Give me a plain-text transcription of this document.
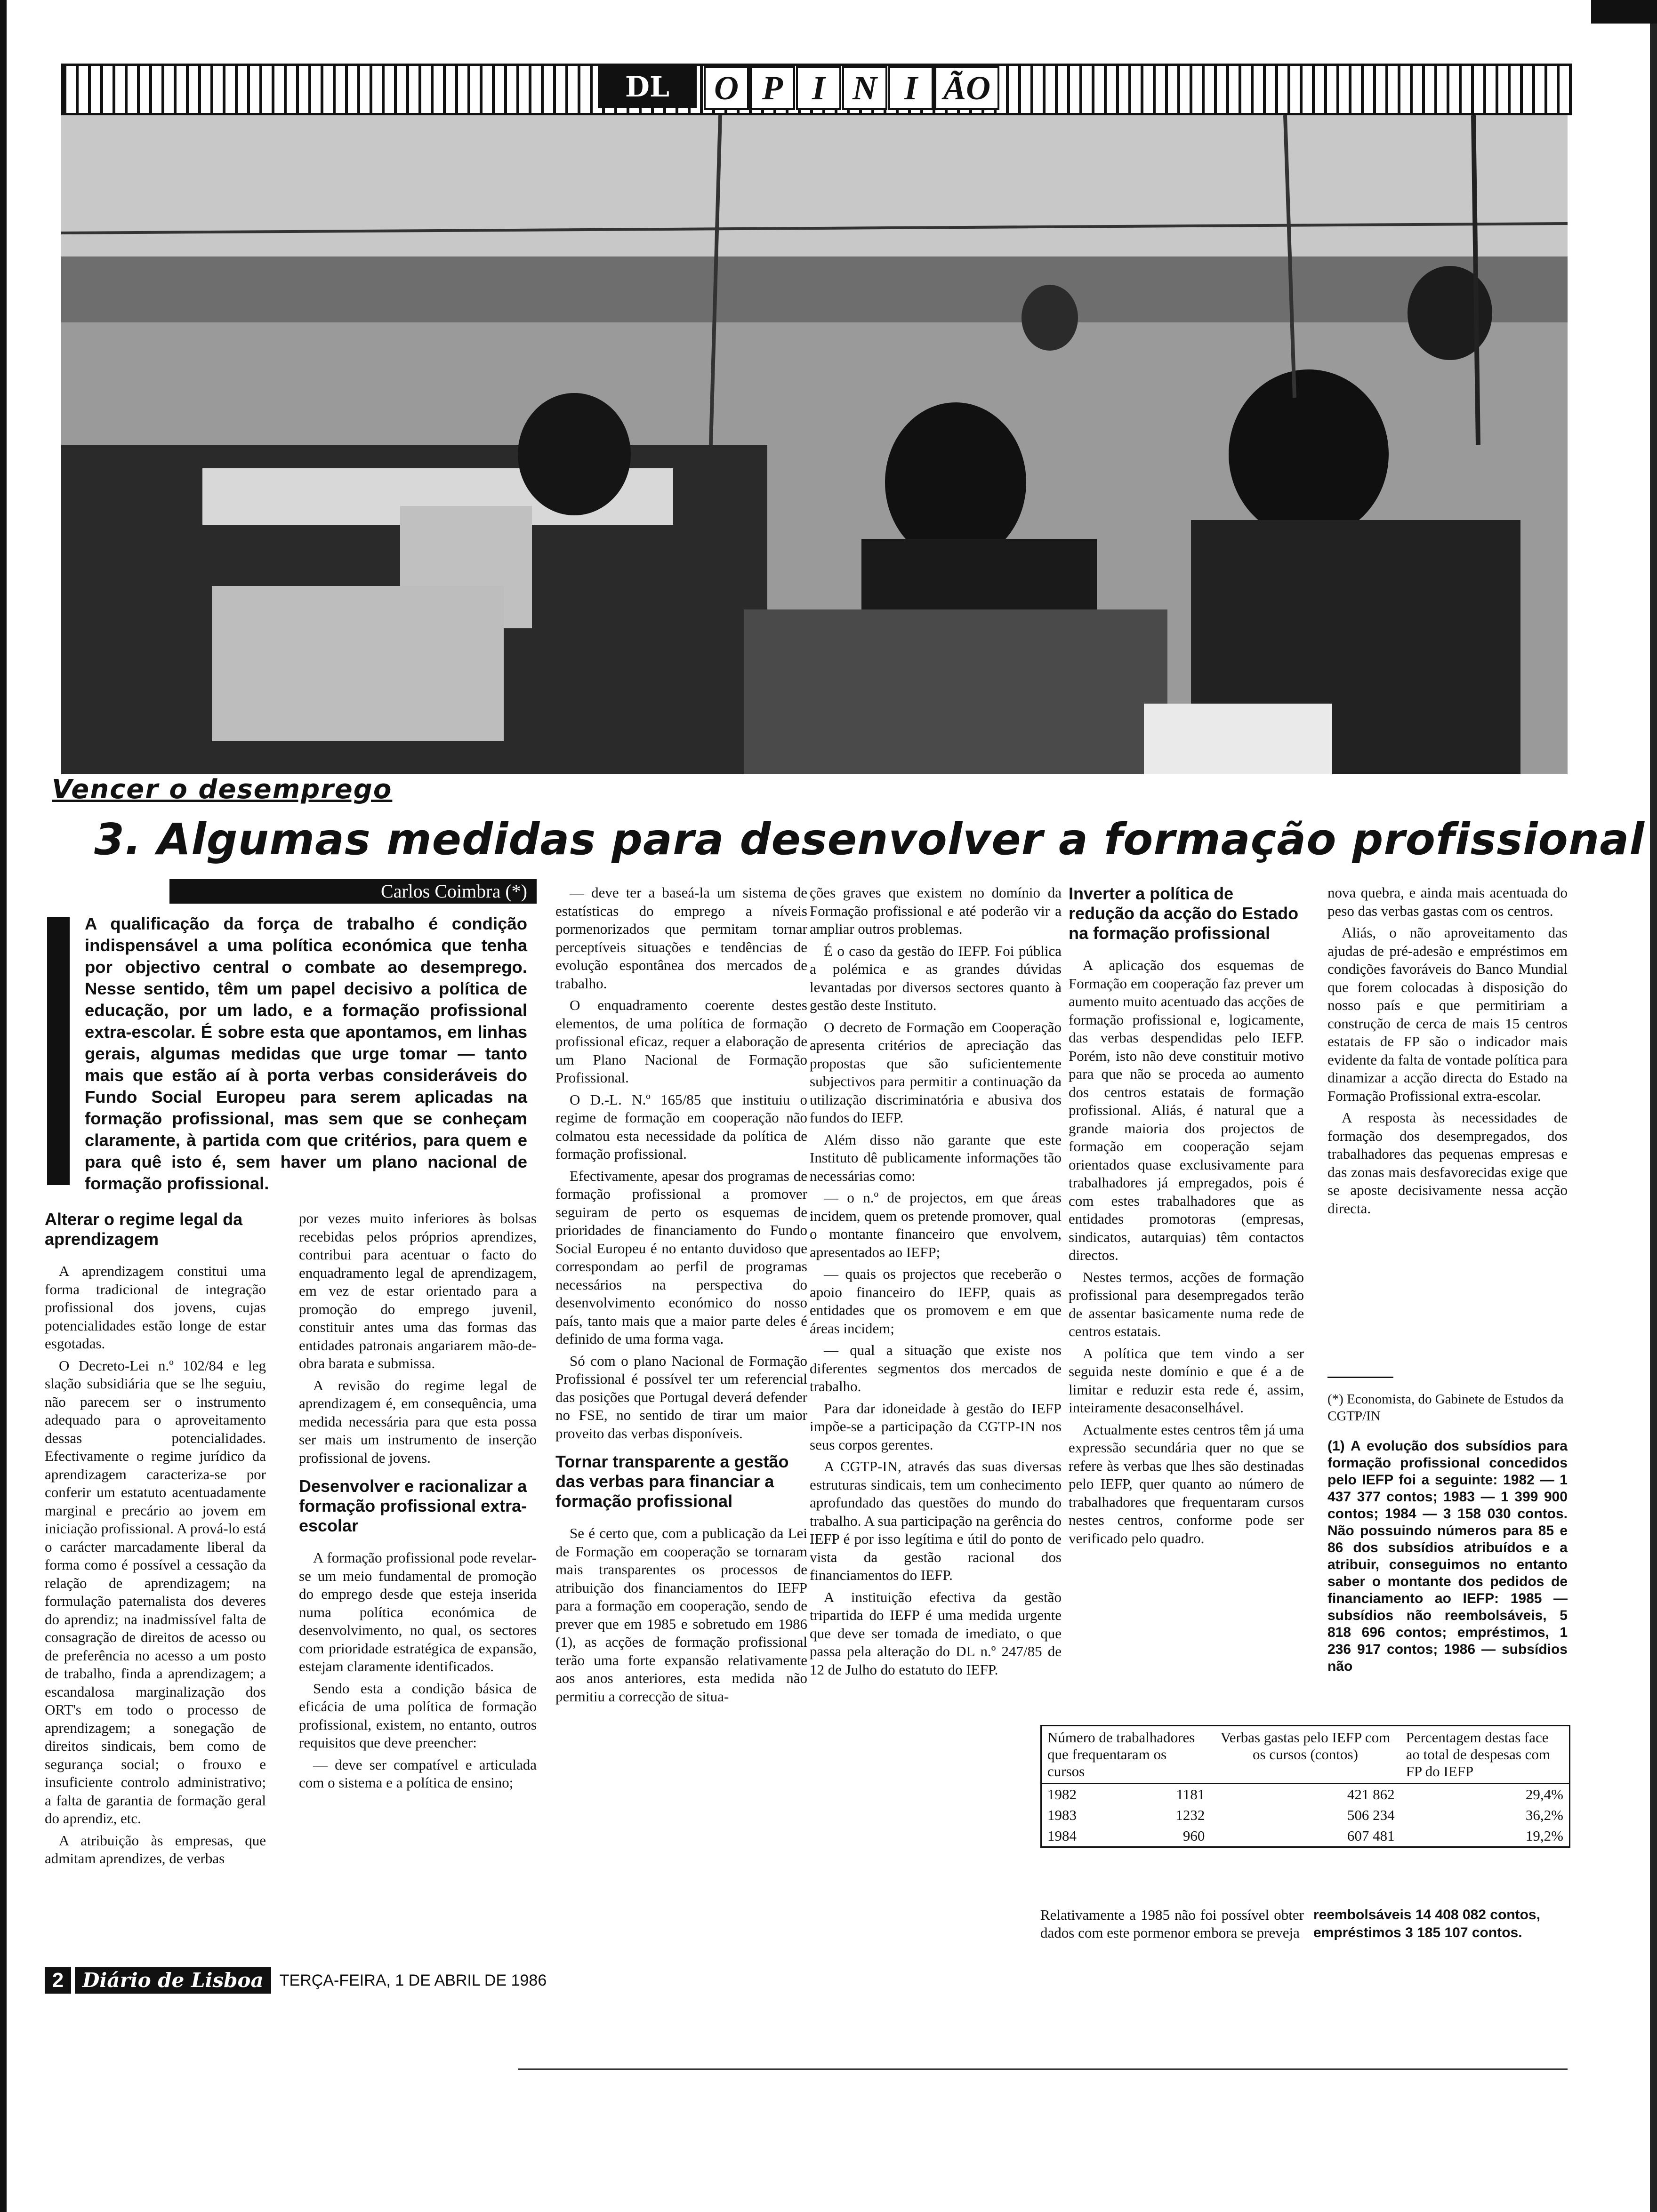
DL	O P I N I ÃO
Vencer o desemprego
3. Algumas medidas para desenvolver a formação profissional
Carlos Coimbra (*)
A qualificação da força de trabalho é condição indispensável a uma política económica que tenha por objectivo central o combate ao desemprego. Nesse sentido, têm um papel decisivo a política de educação, por um lado, e a formação profissional extra-escolar. É sobre esta que apontamos, em linhas gerais, algumas medidas que urge tomar — tanto mais que estão aí à porta verbas consideráveis do Fundo Social Europeu para serem aplicadas na formação profissional, mas sem que se conheçam claramente, à partida com que critérios, para quem e para quê isto é, sem haver um plano nacional de formação profissional.
Alterar o regime legal da aprendizagem

A aprendizagem constitui uma forma tradicional de integração profissional dos jovens, cujas potencialidades estão longe de estar esgotadas.

O Decreto-Lei n.º 102/84 e leg slação subsidiária que se lhe seguiu, não parecem ser o instrumento adequado para o aproveitamento dessas potencialidades. Efectivamente o regime jurídico da aprendizagem caracteriza-se por conferir um estatuto acentuadamente marginal e precário ao jovem em iniciação profissional. A prová-lo está o carácter marcadamente liberal da forma como é possível a cessação da relação de aprendizagem; na formulação paternalista dos deveres do aprendiz; na inadmissível falta de consagração de direitos de acesso ou de preferência no acesso a um posto de trabalho, finda a aprendizagem; a escandalosa marginalização dos ORT's em todo o processo de aprendizagem; a sonegação de direitos sindicais, bem como de segurança social; o frouxo e insuficiente controlo administrativo; a falta de garantia de formação geral do aprendiz, etc.

A atribuição às empresas, que admitam aprendizes, de verbas

por vezes muito inferiores às bolsas recebidas pelos próprios aprendizes, contribui para acentuar o facto do enquadramento legal de aprendizagem, em vez de estar orientado para a promoção do emprego juvenil, constituir antes uma das formas das entidades patronais angariarem mão-de-obra barata e submissa.

A revisão do regime legal de aprendizagem é, em consequência, uma medida necessária para que esta possa ser mais um instrumento de inserção profissional de jovens.

Desenvolver e racionalizar a formação profissional extra-escolar

A formação profissional pode revelar-se um meio fundamental de promoção do emprego desde que esteja inserida numa política económica de desenvolvimento, no qual, os sectores com prioridade estratégica de expansão, estejam claramente identificados.

Sendo esta a condição básica de eficácia de uma política de formação profissional, existem, no entanto, outros requisitos que deve preencher:

— deve ser compatível e articulada com o sistema e a política de ensino;

— deve ter a baseá-la um sistema de estatísticas do emprego a níveis pormenorizados que permitam tornar perceptíveis situações e tendências de evolução espontânea dos mercados de trabalho.

O enquadramento coerente destes elementos, de uma política de formação profissional eficaz, requer a elaboração de um Plano Nacional de Formação Profissional.

O D.-L. N.º 165/85 que instituiu o regime de formação em cooperação não colmatou esta necessidade da política de formação profissional.

Efectivamente, apesar dos programas de formação profissional a promover seguiram de perto os esquemas de prioridades de financiamento do Fundo Social Europeu é no entanto duvidoso que correspondam ao perfil de programas necessários na perspectiva do desenvolvimento económico do nosso país, tanto mais que a maior parte deles é definido de uma forma vaga.

Só com o plano Nacional de Formação Profissional é possível ter um referencial das posições que Portugal deverá defender no FSE, no sentido de tirar um maior proveito das verbas disponíveis.

Tornar transparente a gestão das verbas para financiar a formação profissional

Se é certo que, com a publicação da Lei de Formação em cooperação se tornaram mais transparentes os processos de atribuição dos financiamentos do IEFP para a formação em cooperação, sendo de prever que em 1985 e sobretudo em 1986 (1), as acções de formação profissional terão uma forte expansão relativamente aos anos anteriores, esta medida não permitiu a correcção de situa-

ções graves que existem no domínio da Formação profissional e até poderão vir a ampliar outros problemas.

É o caso da gestão do IEFP. Foi pública a polémica e as grandes dúvidas levantadas por diversos sectores quanto à gestão deste Instituto.

O decreto de Formação em Cooperação apresenta critérios de apreciação das propostas que são suficientemente subjectivos para permitir a continuação da utilização discriminatória e abusiva dos fundos do IEFP.

Além disso não garante que este Instituto dê publicamente informações tão necessárias como:

— o n.º de projectos, em que áreas incidem, quem os pretende promover, qual o montante financeiro que envolvem, apresentados ao IEFP;

— quais os projectos que receberão o apoio financeiro do IEFP, quais as entidades que os promovem e em que áreas incidem;

— qual a situação que existe nos diferentes segmentos dos mercados de trabalho.

Para dar idoneidade à gestão do IEFP impõe-se a participação da CGTP-IN nos seus corpos gerentes.

A CGTP-IN, através das suas diversas estruturas sindicais, tem um conhecimento aprofundado das questões do mundo do trabalho. A sua participação na gerência do IEFP é por isso legítima e útil do ponto de vista da gestão racional dos financiamentos do IEFP.

A instituição efectiva da gestão tripartida do IEFP é uma medida urgente que deve ser tomada de imediato, o que passa pela alteração do DL n.º 247/85 de 12 de Julho do estatuto do IEFP.

Inverter a política de redução da acção do Estado na formação profissional

A aplicação dos esquemas de Formação em cooperação faz prever um aumento muito acentuado das acções de formação profissional e, logicamente, das verbas despendidas pelo IEFP. Porém, isto não deve constituir motivo para que não se proceda ao aumento dos centros estatais de formação profissional. Aliás, é natural que a grande maioria dos projectos de formação em cooperação sejam orientados quase exclusivamente para trabalhadores já empregados, pois é com estes trabalhadores que as entidades promotoras (empresas, sindicatos, autarquias) têm contactos directos.

Nestes termos, acções de formação profissional para desempregados terão de assentar basicamente numa rede de centros estatais.

A política que tem vindo a ser seguida neste domínio e que é a de limitar e reduzir esta rede é, assim, inteiramente desaconselhável.

Actualmente estes centros têm já uma expressão secundária quer no que se refere às verbas que lhes são destinadas pelo IEFP, quer quanto ao número de trabalhadores que frequentaram cursos nestes centros, conforme pode ser verificado pelo quadro.

nova quebra, e ainda mais acentuada do peso das verbas gastas com os centros.

Aliás, o não aproveitamento das ajudas de pré-adesão e empréstimos em condições favoráveis do Banco Mundial que forem colocadas à disposição do nosso país e que permitiriam a construção de cerca de mais 15 centros estatais de FP são o indicador mais evidente da falta de vontade política para dinamizar a acção directa do Estado na Formação Profissional extra-escolar.

A resposta às necessidades de formação dos desempregados, dos trabalhadores das pequenas empresas e das zonas mais desfavorecidas exige que se aposte decisivamente nessa acção directa.

(*) Economista, do Gabinete de Estudos da CGTP/IN
(1) A evolução dos subsídios para formação profissional concedidos pelo IEFP foi a seguinte: 1982 — 1 437 377 contos; 1983 — 1 399 900 contos; 1984 — 3 158 030 contos. Não possuindo números para 85 e 86 dos subsídios atribuídos e a atribuir, conseguimos no entanto saber o montante dos pedidos de financiamento ao IEFP: 1985 — subsídios não reembolsáveis, 5 818 696 contos; empréstimos, 1 236 917 contos; 1986 — subsídios não
Número de trabalhadores que frequentaram os cursos	Verbas gastas pelo IEFP com os cursos (contos)	Percentagem destas face ao total de despesas com FP do IEFP
1982 1181	421 862	29,4%
1983 1232	506 234	36,2%
1984 960	607 481	19,2%
Relativamente a 1985 não foi possível obter dados com este pormenor embora se preveja
reembolsáveis 14 408 082 contos, empréstimos 3 185 107 contos.
2 Diário de Lisboa	TERÇA-FEIRA, 1 DE ABRIL DE 1986
